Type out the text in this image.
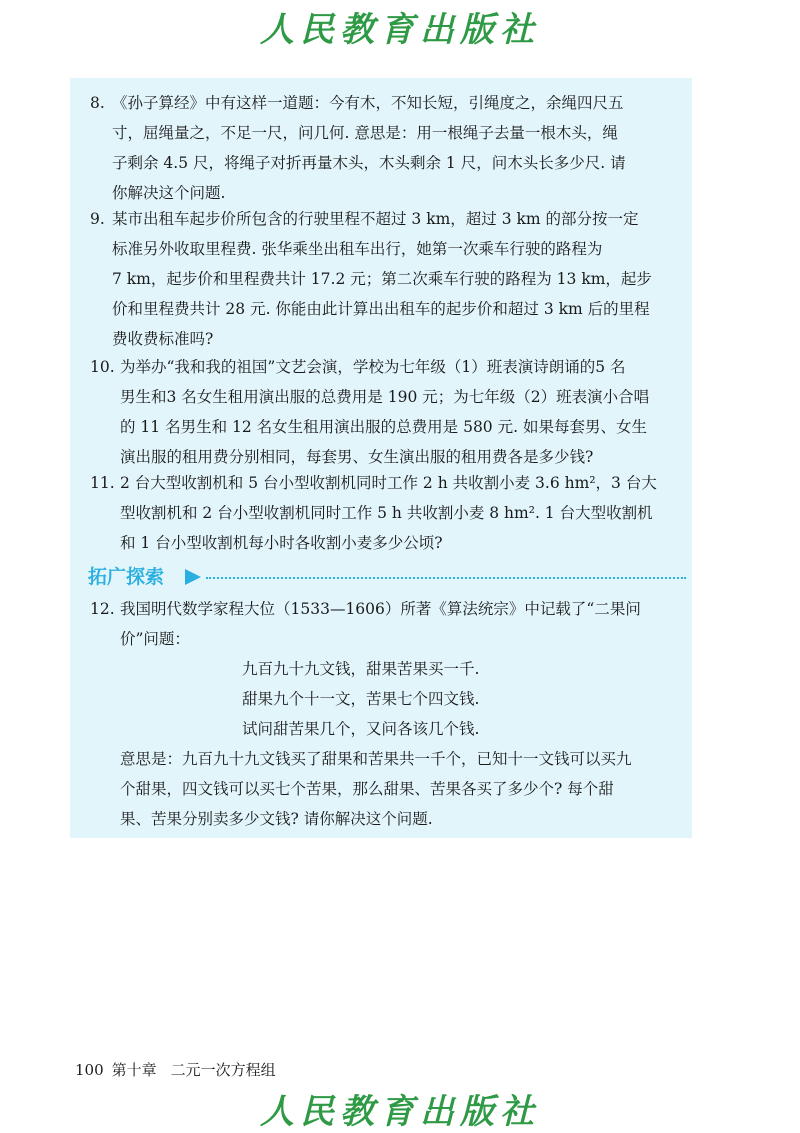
人民教育出版社

8. 《孙子算经》中有这样一道题：今有木，不知长短，引绳度之，余绳四尺五

寸，屈绳量之，不足一尺，问几何. 意思是：用一根绳子去量一根木头，绳

子剩余 4.5 尺，将绳子对折再量木头，木头剩余 1 尺，问木头长多少尺. 请

你解决这个问题.

9. 某市出租车起步价所包含的行驶里程不超过 3 km，超过 3 km 的部分按一定

标准另外收取里程费. 张华乘坐出租车出行，她第一次乘车行驶的路程为

7 km，起步价和里程费共计 17.2 元；第二次乘车行驶的路程为 13 km，起步

价和里程费共计 28 元. 你能由此计算出出租车的起步价和超过 3 km 后的里程

费收费标准吗?

10. 为举办“我和我的祖国”文艺会演，学校为七年级（1）班表演诗朗诵的5 名

男生和3 名女生租用演出服的总费用是 190 元；为七年级（2）班表演小合唱

的 11 名男生和 12 名女生租用演出服的总费用是 580 元. 如果每套男、女生

演出服的租用费分别相同，每套男、女生演出服的租用费各是多少钱?

11. 2 台大型收割机和 5 台小型收割机同时工作 2 h 共收割小麦 3.6 hm²，3 台大

型收割机和 2 台小型收割机同时工作 5 h 共收割小麦 8 hm². 1 台大型收割机

和 1 台小型收割机每小时各收割小麦多少公顷?

拓广探索

12. 我国明代数学家程大位（1533—1606）所著《算法统宗》中记载了“二果问

价”问题：

九百九十九文钱，甜果苦果买一千.

甜果九个十一文，苦果七个四文钱.

试问甜苦果几个，又问各该几个钱.

意思是：九百九十九文钱买了甜果和苦果共一千个，已知十一文钱可以买九

个甜果，四文钱可以买七个苦果，那么甜果、苦果各买了多少个? 每个甜

果、苦果分别卖多少文钱? 请你解决这个问题.

100 第十章 二元一次方程组
人民教育出版社
